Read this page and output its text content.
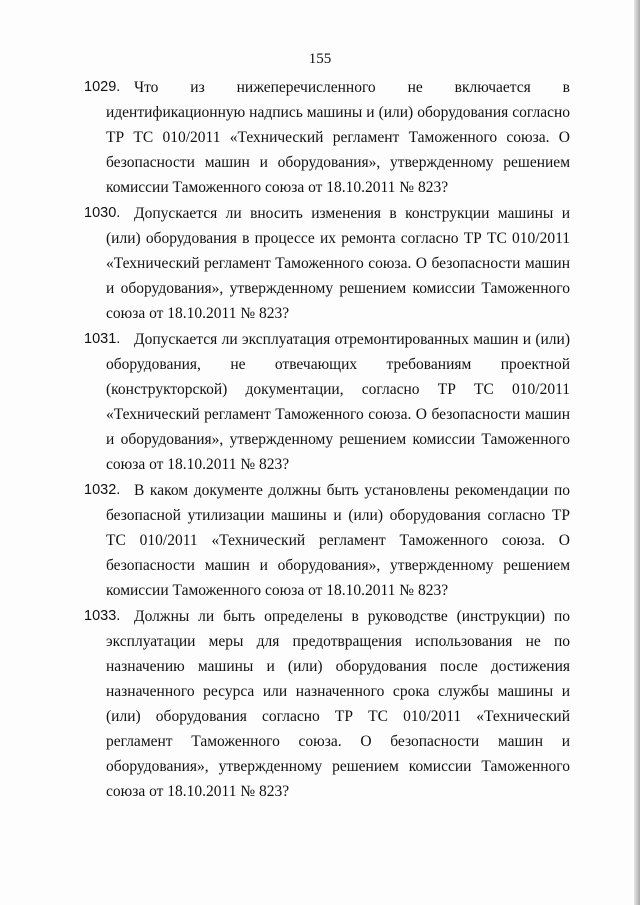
155
1029. Что из нижеперечисленного не включается в идентификационную надпись машины и (или) оборудования согласно ТР ТС 010/2011 «Технический регламент Таможенного союза. О безопасности машин и оборудования», утвержденному решением комиссии Таможенного союза от 18.10.2011 № 823?
1030. Допускается ли вносить изменения в конструкции машины и (или) оборудования в процессе их ремонта согласно ТР ТС 010/2011 «Технический регламент Таможенного союза. О безопасности машин и оборудования», утвержденному решением комиссии Таможенного союза от 18.10.2011 № 823?
1031. Допускается ли эксплуатация отремонтированных машин и (или) оборудования, не отвечающих требованиям проектной (конструкторской) документации, согласно ТР ТС 010/2011 «Технический регламент Таможенного союза. О безопасности машин и оборудования», утвержденному решением комиссии Таможенного союза от 18.10.2011 № 823?
1032. В каком документе должны быть установлены рекомендации по безопасной утилизации машины и (или) оборудования согласно ТР ТС 010/2011 «Технический регламент Таможенного союза. О безопасности машин и оборудования», утвержденному решением комиссии Таможенного союза от 18.10.2011 № 823?
1033. Должны ли быть определены в руководстве (инструкции) по эксплуатации меры для предотвращения использования не по назначению машины и (или) оборудования после достижения назначенного ресурса или назначенного срока службы машины и (или) оборудования согласно ТР ТС 010/2011 «Технический регламент Таможенного союза. О безопасности машин и оборудования», утвержденному решением комиссии Таможенного союза от 18.10.2011 № 823?
